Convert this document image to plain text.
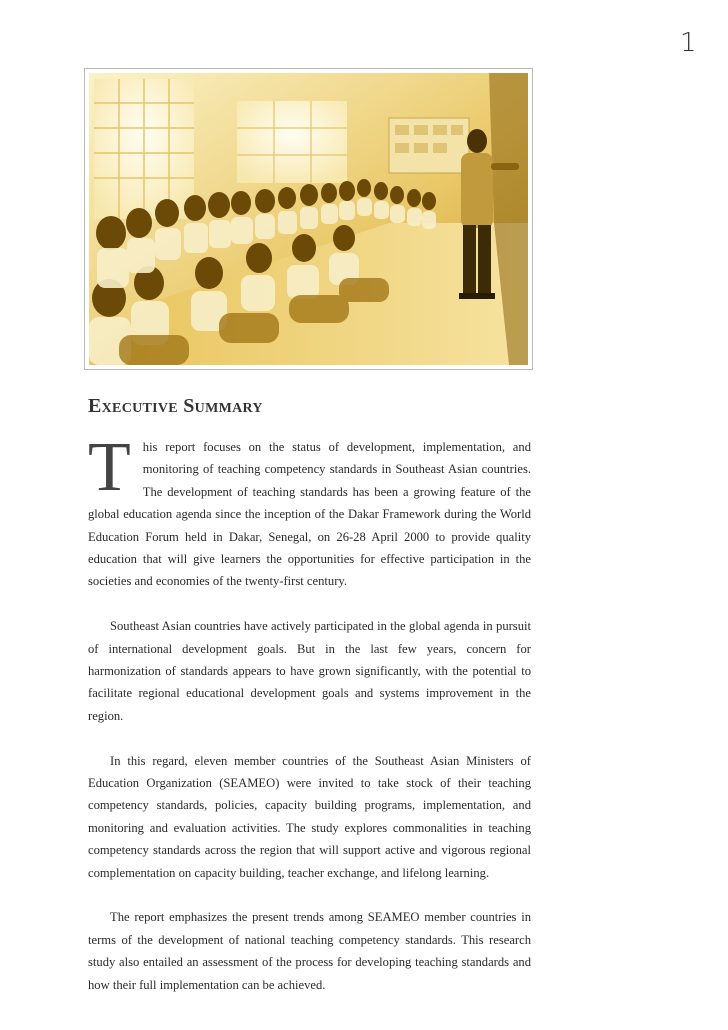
1
Executive Summary

This report focuses on the status of development, implementation, and monitoring of teaching competency standards in Southeast Asian countries. The development of teaching standards has been a growing feature of the global education agenda since the inception of the Dakar Framework during the World Education Forum held in Dakar, Senegal, on 26-28 April 2000 to provide quality education that will give learners the opportunities for effective participation in the societies and economies of the twenty-first century.

Southeast Asian countries have actively participated in the global agenda in pursuit of international development goals. But in the last few years, concern for harmonization of standards appears to have grown significantly, with the potential to facilitate regional educational development goals and systems improvement in the region.

In this regard, eleven member countries of the Southeast Asian Ministers of Education Organization (SEAMEO) were invited to take stock of their teaching competency standards, policies, capacity building programs, implementation, and monitoring and evaluation activities. The study explores commonalities in teaching competency standards across the region that will support active and vigorous regional complementation on capacity building, teacher exchange, and lifelong learning.

The report emphasizes the present trends among SEAMEO member countries in terms of the development of national teaching competency standards. This research study also entailed an assessment of the process for developing teaching standards and how their full implementation can be achieved.
